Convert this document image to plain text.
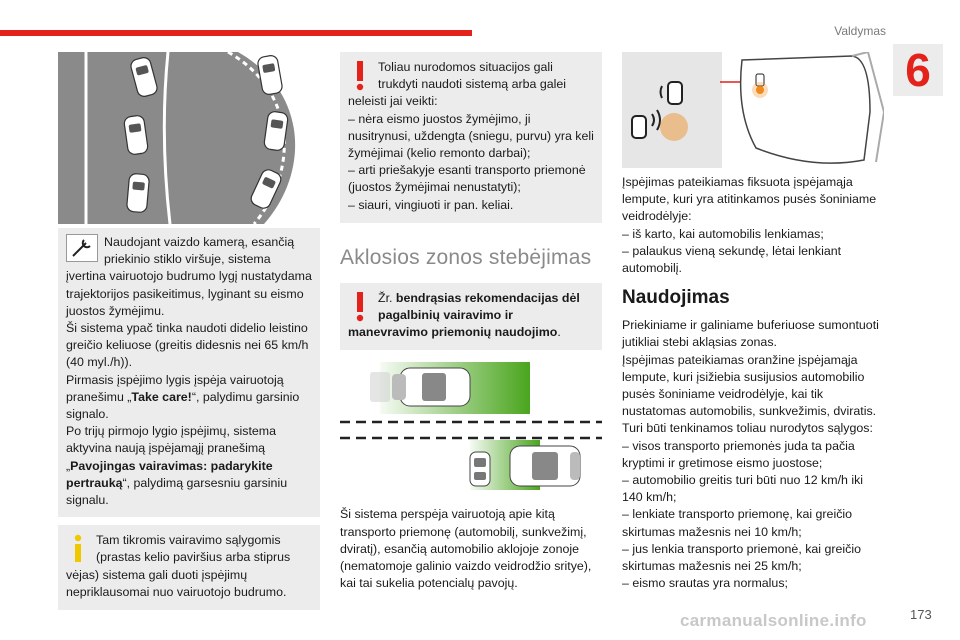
Valdymas
6

Naudojant vaizdo kamerą, esančią priekinio stiklo viršuje, sistema įvertina vairuotojo budrumo lygį nustatydama trajektorijos pasikeitimus, lyginant su eismo juostos žymėjimu.

Ši sistema ypač tinka naudoti didelio leistino greičio keliuose (greitis didesnis nei 65 km/h (40 myl./h)).

Pirmasis įspėjimo lygis įspėja vairuotoją pranešimu „Take care!“, palydimu garsinio signalo.

Po trijų pirmojo lygio įspėjimų, sistema aktyvina naują įspėjamąjį pranešimą „Pavojingas vairavimas: padarykite pertrauką“, palydimą garsesniu garsiniu signalu.

Tam tikromis vairavimo sąlygomis (prastas kelio paviršius arba stiprus vėjas) sistema gali duoti įspėjimų nepriklausomai nuo vairuotojo budrumo.

Toliau nurodomos situacijos gali trukdyti naudoti sistemą arba galei neleisti jai veikti:

– nėra eismo juostos žymėjimo, ji nusitrynusi, uždengta (sniegu, purvu) yra keli žymėjimai (kelio remonto darbai);

– arti priešakyje esanti transporto priemonė (juostos žymėjimai nenustatyti);

– siauri, vingiuoti ir pan. keliai.

Aklosios zonos stebėjimas

Žr. bendrąsias rekomendacijas dėl pagalbinių vairavimo ir manevravimo priemonių naudojimo.

Ši sistema perspėja vairuotoją apie kitą transporto priemonę (automobilį, sunkvežimį, dviratį), esančią automobilio aklojoje zonoje (nematomoje galinio vaizdo veidrodžio sritye), kai tai sukelia potencialų pavojų.

Įspėjimas pateikiamas fiksuota įspėjamąja lempute, kuri yra atitinkamos pusės šoniniame veidrodėlyje:

– iš karto, kai automobilis lenkiamas;

– palaukus vieną sekundę, lėtai lenkiant automobilį.

Naudojimas

Priekiniame ir galiniame buferiuose sumontuoti jutikliai stebi akląsias zonas.

Įspėjimas pateikiamas oranžine įspėjamąja lempute, kuri įsižiebia susijusios automobilio pusės šoniniame veidrodėlyje, kai tik nustatomas automobilis, sunkvežimis, dviratis.

Turi būti tenkinamos toliau nurodytos sąlygos:

– visos transporto priemonės juda ta pačia kryptimi ir gretimose eismo juostose;

– automobilio greitis turi būti nuo 12 km/h iki 140 km/h;

– lenkiate transporto priemonę, kai greičio skirtumas mažesnis nei 10 km/h;

– jus lenkia transporto priemonė, kai greičio skirtumas mažesnis nei 25 km/h;

– eismo srautas yra normalus;

carmanualsonline.info	173
